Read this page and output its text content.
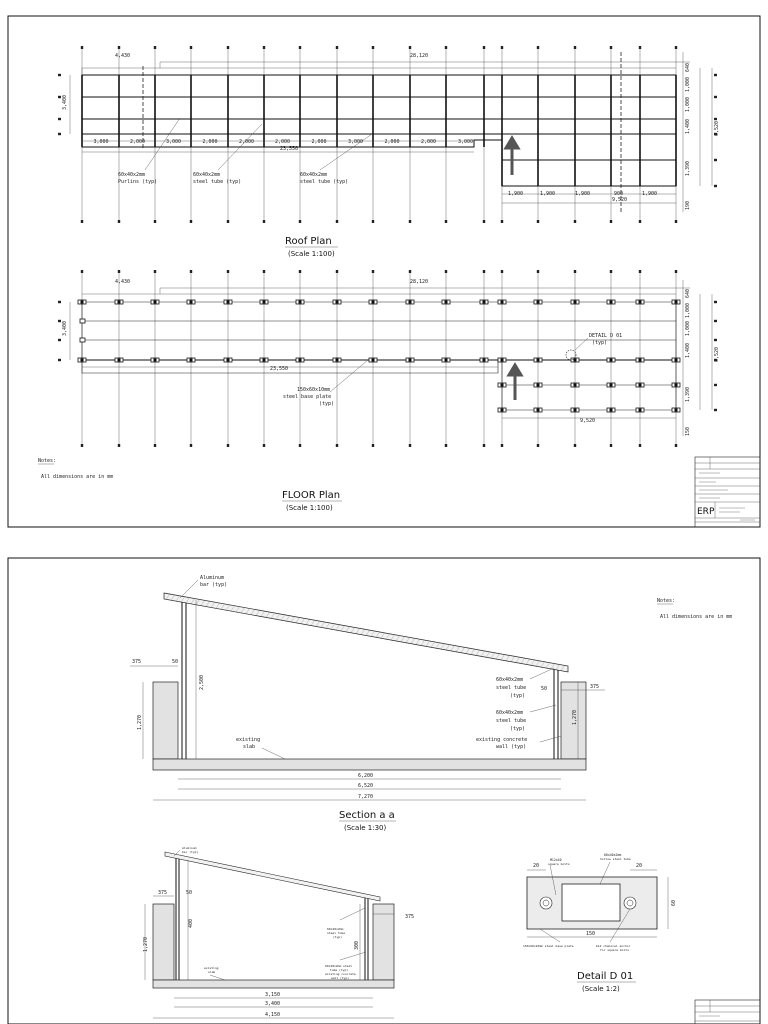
4,430	28,120
23,550
9,520
3,400
6,520
3,000	2,000	3,000	2,000	2,000	2,000	2,000	3,000	2,000	2,000	3,000
1,900	1,900	1,900	900	1,900
640
1,000
1,000
1,400
1,390
190
60x40x2mm
Purlins (typ)
60x40x2mm
steel tube (typ)
60x40x2mm
steel tube (typ)
Roof Plan
(Scale 1:100)
4,430	28,120
23,550
9,520
3,400
6,520
640
1,000
1,000
1,400
1,390
150
DETAIL D 01
(typ)
150x60x10mm
steel base plate
(typ)
FLOOR Plan
(Scale 1:100)
Notes:
All dimensions are in mm
ERP
375	50
2,500
1,270
50	375
1,270
6,200
6,520
7,270
Aluminum
bar (typ)
60x40x2mm
steel tube
(typ)
60x40x2mm
steel tube
(typ)
existing
slab
existing concrete
wall (typ)
Section a a
(Scale 1:30)
Notes:
All dimensions are in mm
Aluminum
bar (typ)
375	50
400
1,270	300
375
3,150
3,400
4,150
60x40x2mm
steel tube
(typ)
60x40x2mm steel
tube (typ)
existing concrete
wall (typ)
existing
slab
20	20
150
60
M12x40
square bolts
60x40x2mm
hollow steel tube
150x60x10mm steel base plate	m12 chemical anchor
for square bolts
Detail D 01
(Scale 1:2)
